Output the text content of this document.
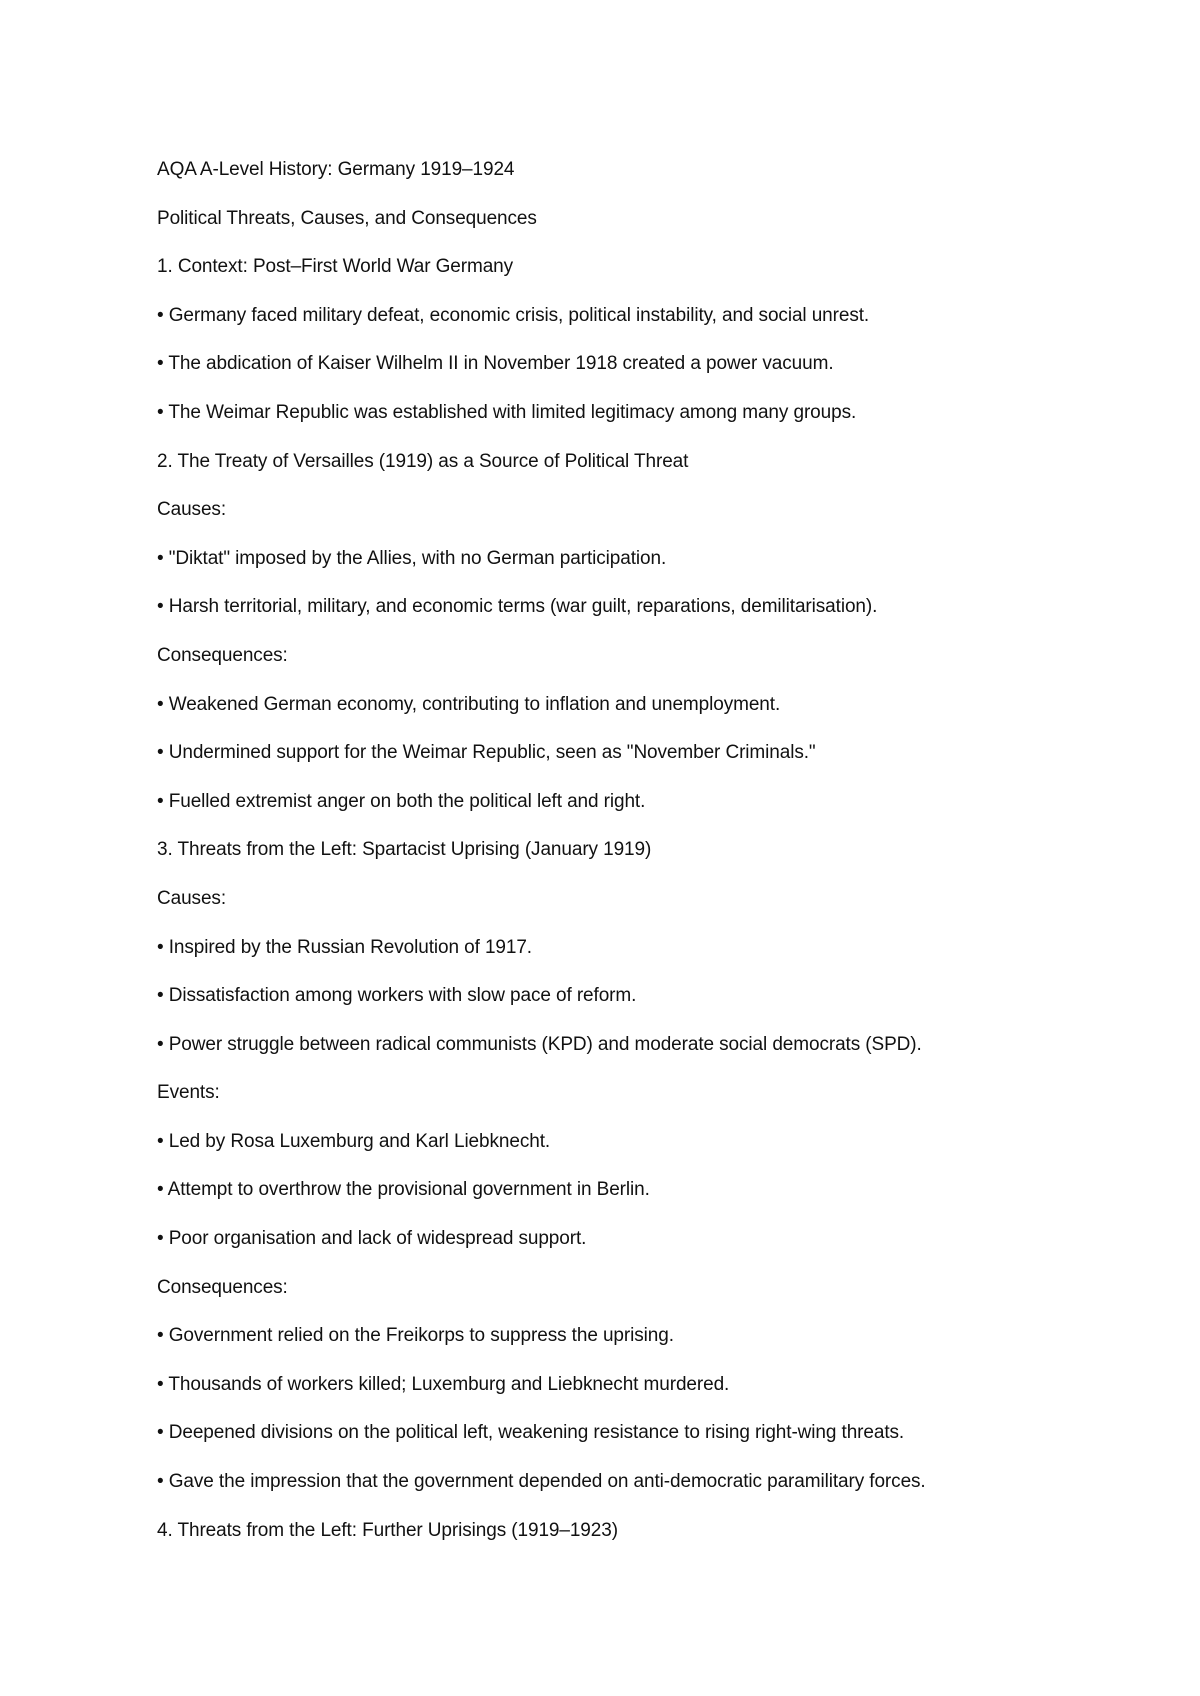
AQA A-Level History: Germany 1919–1924

Political Threats, Causes, and Consequences

1. Context: Post–First World War Germany

• Germany faced military defeat, economic crisis, political instability, and social unrest.

• The abdication of Kaiser Wilhelm II in November 1918 created a power vacuum.

• The Weimar Republic was established with limited legitimacy among many groups.

2. The Treaty of Versailles (1919) as a Source of Political Threat

Causes:

• "Diktat" imposed by the Allies, with no German participation.

• Harsh territorial, military, and economic terms (war guilt, reparations, demilitarisation).

Consequences:

• Weakened German economy, contributing to inflation and unemployment.

• Undermined support for the Weimar Republic, seen as "November Criminals."

• Fuelled extremist anger on both the political left and right.

3. Threats from the Left: Spartacist Uprising (January 1919)

Causes:

• Inspired by the Russian Revolution of 1917.

• Dissatisfaction among workers with slow pace of reform.

• Power struggle between radical communists (KPD) and moderate social democrats (SPD).

Events:

• Led by Rosa Luxemburg and Karl Liebknecht.

• Attempt to overthrow the provisional government in Berlin.

• Poor organisation and lack of widespread support.

Consequences:

• Government relied on the Freikorps to suppress the uprising.

• Thousands of workers killed; Luxemburg and Liebknecht murdered.

• Deepened divisions on the political left, weakening resistance to rising right-wing threats.

• Gave the impression that the government depended on anti-democratic paramilitary forces.

4. Threats from the Left: Further Uprisings (1919–1923)
